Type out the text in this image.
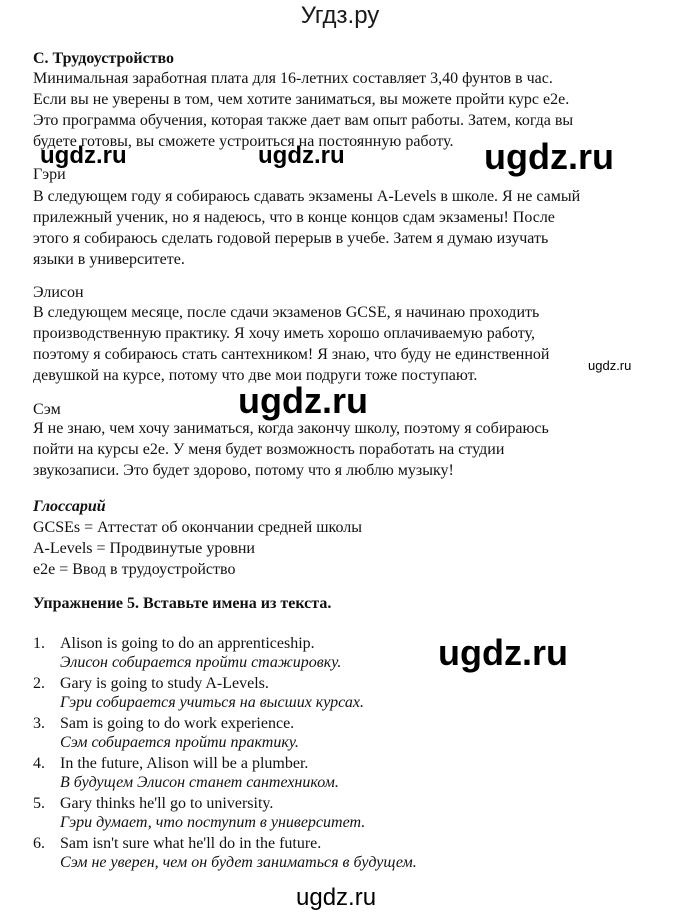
Угдз.ру
С. Трудоустройство
Минимальная заработная плата для 16-летних составляет 3,40 фунтов в час.
Если вы не уверены в том, чем хотите заниматься, вы можете пройти курс e2e.
Это программа обучения, которая также дает вам опыт работы. Затем, когда вы
будете готовы, вы сможете устроиться на постоянную работу.
Гэри
В следующем году я собираюсь сдавать экзамены A-Levels в школе. Я не самый
прилежный ученик, но я надеюсь, что в конце концов сдам экзамены! После
этого я собираюсь сделать годовой перерыв в учебе. Затем я думаю изучать
языки в университете.
Элисон
В следующем месяце, после сдачи экзаменов GCSE, я начинаю проходить
производственную практику. Я хочу иметь хорошо оплачиваемую работу,
поэтому я собираюсь стать сантехником! Я знаю, что буду не единственной
девушкой на курсе, потому что две мои подруги тоже поступают.
Сэм
Я не знаю, чем хочу заниматься, когда закончу школу, поэтому я собираюсь
пойти на курсы e2e. У меня будет возможность поработать на студии
звукозаписи. Это будет здорово, потому что я люблю музыку!
Глоссарий
GCSEs = Аттестат об окончании средней школы
A-Levels = Продвинутые уровни
e2e = Ввод в трудоустройство
Упражнение 5. Вставьте имена из текста.
1. Alison is going to do an apprenticeship.
Элисон собирается пройти стажировку.
2. Gary is going to study A-Levels.
Гэри собирается учиться на высших курсах.
3. Sam is going to do work experience.
Сэм собирается пройти практику.
4. In the future, Alison will be a plumber.
В будущем Элисон станет сантехником.
5. Gary thinks he'll go to university.
Гэри думает, что поступит в университет.
6. Sam isn't sure what he'll do in the future.
Сэм не уверен, чем он будет заниматься в будущем.
ugdz.ru	ugdz.ru	ugdz.ru
ugdz.ru
ugdz.ru
ugdz.ru
ugdz.ru
